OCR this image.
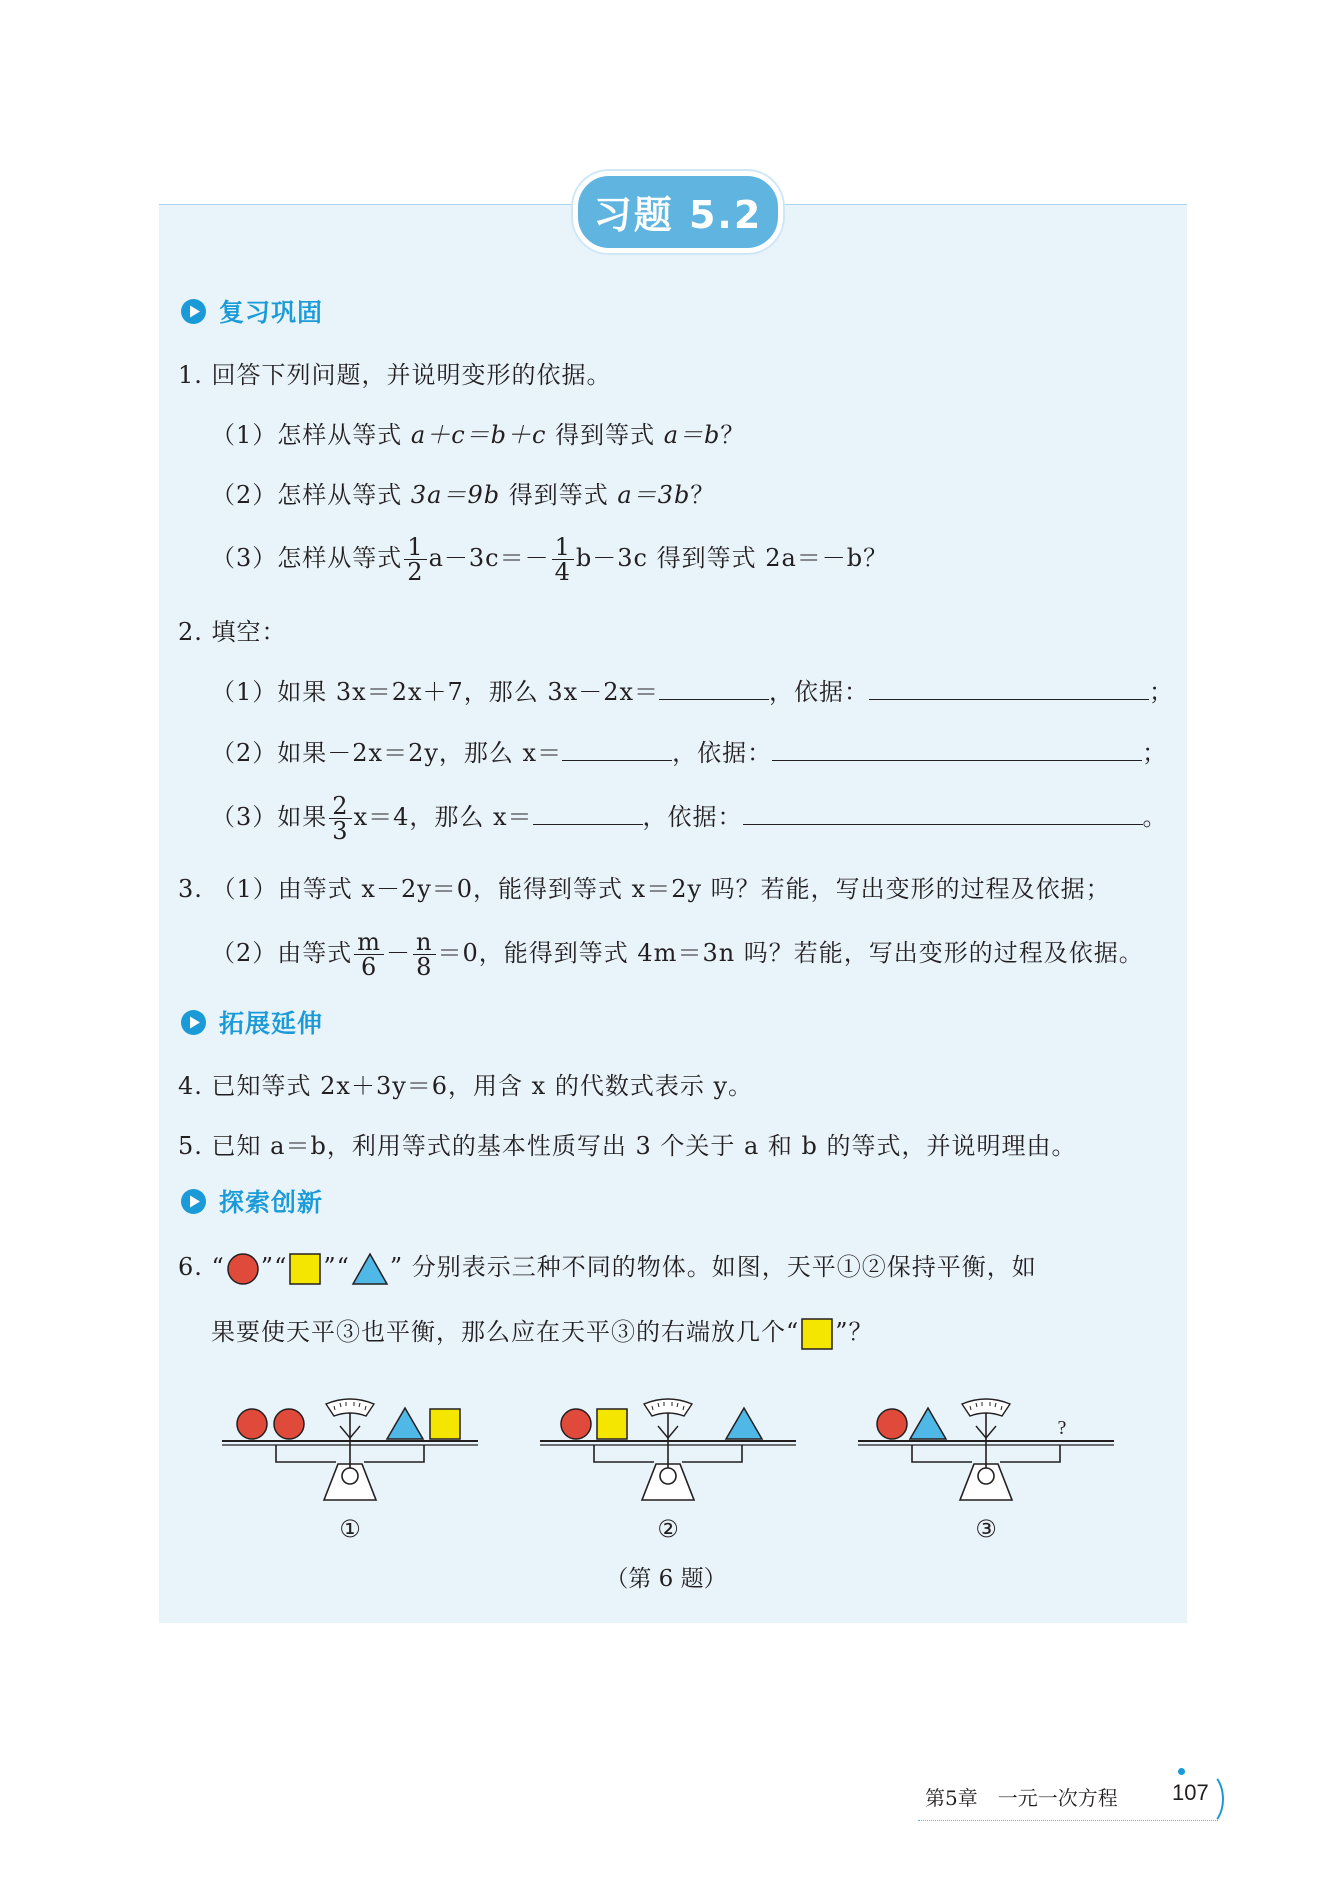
习题 5.2
复习巩固
1. 回答下列问题，并说明变形的依据。
（1）怎样从等式 a＋c＝b＋c 得到等式 a＝b？
（2）怎样从等式 3a＝9b 得到等式 a＝3b？
（3）怎样从等式 $\frac{1}{2} a-3c=- \frac{1}{4} b-3c$ 得到等式 2a＝－b？
2. 填空：
（1）如果 3x＝2x＋7，那么 3x－2x＝	，依据：	；
（2）如果－2x＝2y，那么 x＝	，依据：	；
（3）如果 $\frac{2}{3} x=4$，那么 x＝	，依据：	。
3. （1）由等式 x－2y＝0，能得到等式 x＝2y 吗？若能，写出变形的过程及依据；
（2）由等式 $\frac{m}{6} - \frac{n}{8} =0$，能得到等式 4m＝3n 吗？若能，写出变形的过程及依据。
拓展延伸
4. 已知等式 2x＋3y＝6，用含 x 的代数式表示 y。
5. 已知 a＝b，利用等式的基本性质写出 3 个关于 a 和 b 的等式，并说明理由。
探索创新
6. “ ”“ ”“ ” 分别表示三种不同的物体。如图，天平①②保持平衡，如
果要使天平③也平衡，那么应在天平③的右端放几个“ ”？
?
①	②	③
（第 6 题）
第5章　一元一次方程 107
